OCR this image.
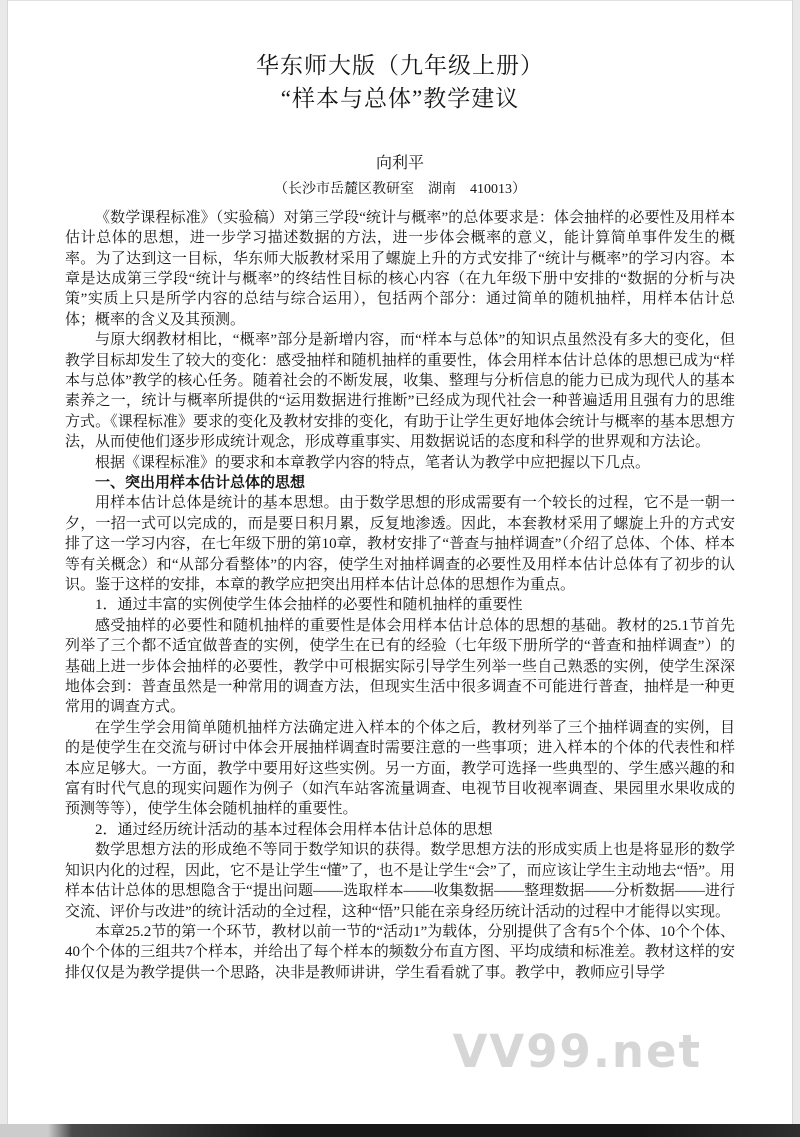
华东师大版（九年级上册）
“样本与总体”教学建议
向利平
（长沙市岳麓区教研室　湖南　410013）

《数学课程标准》（实验稿）对第三学段“统计与概率”的总体要求是：体会抽样的必要性及用样本估计总体的思想，进一步学习描述数据的方法，进一步体会概率的意义，能计算简单事件发生的概率。为了达到这一目标，华东师大版教材采用了螺旋上升的方式安排了“统计与概率”的学习内容。本章是达成第三学段“统计与概率”的终结性目标的核心内容（在九年级下册中安排的“数据的分析与决策”实质上只是所学内容的总结与综合运用），包括两个部分：通过简单的随机抽样，用样本估计总体；概率的含义及其预测。

与原大纲教材相比，“概率”部分是新增内容，而“样本与总体”的知识点虽然没有多大的变化，但教学目标却发生了较大的变化：感受抽样和随机抽样的重要性，体会用样本估计总体的思想已成为“样本与总体”教学的核心任务。随着社会的不断发展，收集、整理与分析信息的能力已成为现代人的基本素养之一，统计与概率所提供的“运用数据进行推断”已经成为现代社会一种普遍适用且强有力的思维方式。《课程标准》要求的变化及教材安排的变化，有助于让学生更好地体会统计与概率的基本思想方法，从而使他们逐步形成统计观念，形成尊重事实、用数据说话的态度和科学的世界观和方法论。

根据《课程标准》的要求和本章教学内容的特点，笔者认为教学中应把握以下几点。

一、突出用样本估计总体的思想

用样本估计总体是统计的基本思想。由于数学思想的形成需要有一个较长的过程，它不是一朝一夕，一招一式可以完成的，而是要日积月累，反复地渗透。因此，本套教材采用了螺旋上升的方式安排了这一学习内容，在七年级下册的第10章，教材安排了“普查与抽样调查”（介绍了总体、个体、样本等有关概念）和“从部分看整体”的内容，使学生对抽样调查的必要性及用样本估计总体有了初步的认识。鉴于这样的安排，本章的教学应把突出用样本估计总体的思想作为重点。

1．通过丰富的实例使学生体会抽样的必要性和随机抽样的重要性

感受抽样的必要性和随机抽样的重要性是体会用样本估计总体的思想的基础。教材的25.1节首先列举了三个都不适宜做普查的实例，使学生在已有的经验（七年级下册所学的“普查和抽样调查”）的基础上进一步体会抽样的必要性，教学中可根据实际引导学生列举一些自己熟悉的实例，使学生深深地体会到：普查虽然是一种常用的调查方法，但现实生活中很多调查不可能进行普查，抽样是一种更常用的调查方式。

在学生学会用简单随机抽样方法确定进入样本的个体之后，教材列举了三个抽样调查的实例，目的是使学生在交流与研讨中体会开展抽样调查时需要注意的一些事项；进入样本的个体的代表性和样本应足够大。一方面，教学中要用好这些实例。另一方面，教学可选择一些典型的、学生感兴趣的和富有时代气息的现实问题作为例子（如汽车站客流量调查、电视节目收视率调查、果园里水果收成的预测等等），使学生体会随机抽样的重要性。

2．通过经历统计活动的基本过程体会用样本估计总体的思想

数学思想方法的形成绝不等同于数学知识的获得。数学思想方法的形成实质上也是将显形的数学知识内化的过程，因此，它不是让学生“懂”了，也不是让学生“会”了，而应该让学生主动地去“悟”。用样本估计总体的思想隐含于“提出问题——选取样本——收集数据——整理数据——分析数据——进行交流、评价与改进”的统计活动的全过程，这种“悟”只能在亲身经历统计活动的过程中才能得以实现。

本章25.2节的第一个环节，教材以前一节的“活动1”为载体，分别提供了含有5个个体、10个个体、40个个体的三组共7个样本，并给出了每个样本的频数分布直方图、平均成绩和标准差。教材这样的安排仅仅是为教学提供一个思路，决非是教师讲讲，学生看看就了事。教学中，教师应引导学

VV99.net
